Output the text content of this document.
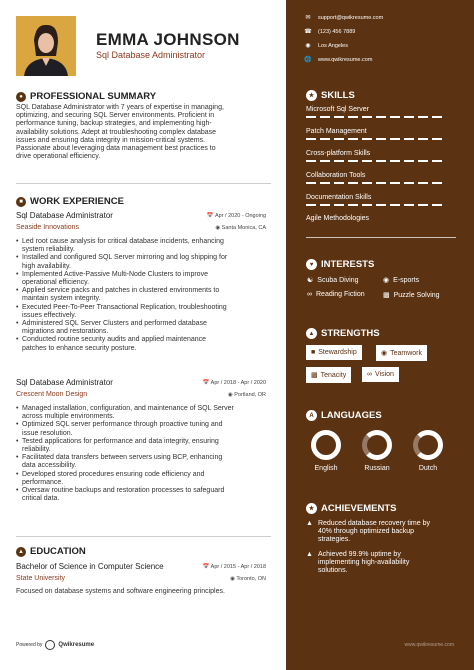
EMMA JOHNSON
Sql Database Administrator
● PROFESSIONAL SUMMARY
SQL Database Administrator with 7 years of expertise in managing,
optimizing, and securing SQL Server environments. Proficient in
performance tuning, backup strategies, and implementing high-
availability solutions. Adept at troubleshooting complex database
issues and ensuring data integrity in mission-critical systems.
Passionate about leveraging data management best practices to
drive operational efficiency.
■ WORK EXPERIENCE
Sql Database Administrator	📅 Apr / 2020 - Ongoing
Seaside Innovations	◉ Santa Monica, CA
• Led root cause analysis for critical database incidents, enhancing
system reliability.
• Installed and configured SQL Server mirroring and log shipping for
high availability.
• Implemented Active-Passive Multi-Node Clusters to improve
operational efficiency.
• Applied service packs and patches in clustered environments to
maintain system integrity.
• Executed Peer-To-Peer Transactional Replication, troubleshooting
issues effectively.
• Administered SQL Server Clusters and performed database
migrations and restorations.
• Conducted routine security audits and applied maintenance
patches to enhance security posture.
Sql Database Administrator	📅 Apr / 2018 - Apr / 2020
Crescent Moon Design	◉ Portland, OR
• Managed installation, configuration, and maintenance of SQL Server
across multiple environments.
• Optimized SQL server performance through proactive tuning and
issue resolution.
• Tested applications for performance and data integrity, ensuring
reliability.
• Facilitated data transfers between servers using BCP, enhancing
data accessibility.
• Developed stored procedures ensuring code efficiency and
performance.
• Oversaw routine backups and restoration processes to safeguard
critical data.
▲ EDUCATION
Bachelor of Science in Computer Science	📅 Apr / 2015 - Apr / 2018
State University	◉ Toronto, ON
Focused on database systems and software engineering principles.
Powered by	Qwikresume	www.qwikresume.com
✉ support@qwikresume.com
☎ (123) 456 7889
◉ Los Angeles
🌐 www.qwikresume.com
★ SKILLS
Microsoft Sql Server
Patch Management
Cross-platform Skills
Collaboration Tools
Documentation Skills
Agile Methodologies
♥ INTERESTS
☯ Scuba Diving	◉ E-sports
∞ Reading Fiction	▩ Puzzle Solving
▲ STRENGTHS
■ Stewardship	◉ Teamwork
▩ Tenacity	∞ Vision
A LANGUAGES
English	Russian	Dutch
★ ACHIEVEMENTS
▲ Reduced database recovery time by
40% through optimized backup
strategies.
▲ Achieved 99.9% uptime by
implementing high-availability
solutions.
